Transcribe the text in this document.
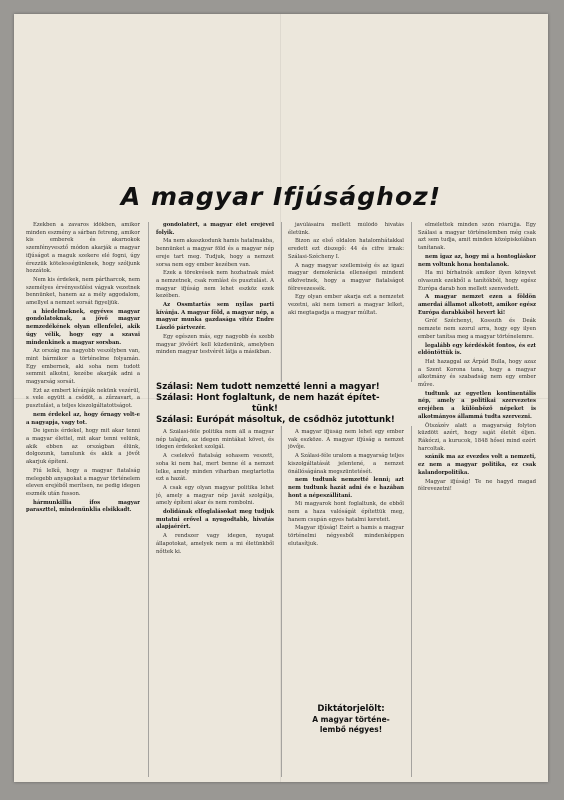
A magyar Ifjúsághoz!

Ezekben a zavaros időkben, amikor minden eszmény a sárban fetreng, amikor kis emberek és akarnokok szemfényvesztő módon akarják a magyar ifjúságot a maguk szekere elé fogni, úgy érezzük kötelességünknek, hogy szóljunk hozzátok.

Nem kis érdekek, nem pártharcok, nem személyes érvényesülési vágyak vezetnek bennünket, hanem az a mély aggodalom, amellyel a nemzet sorsát figyeljük.

a hiedelmeknek, egyéves magyar gondolatoknak, a jövő magyar nemzedékének olyan ellenfelei, akik úgy vélik, hogy egy a szavai mindenkinek a magyar sorsban.

Az ország ma nagyobb veszélyben van, mint bármikor a történelme folyamán. Egy embernek, aki soha nem tudott semmit alkotni, kezébe akarják adni a magyarság sorsát.

Ezt az embert kívánják nekünk vezérül, s vele együtt a csődöt, a zűrzavart, a pusztulást, a teljes kiszolgáltatottságot.

nem érdekel az, hogy őrnagy volt-e a nagyapja, vagy tot.

De igenis érdekel, hogy mit akar tenni a magyar élettel, mit akar tenni velünk, akik ebben az országban élünk, dolgozunk, tanulunk és akik a jövőt akarjuk építeni.

Fiú lelkű, hogy a magyar fiatalság melegebb anyagokat a magyar történelem eleven erejéből merítsen, ne pedig idegen eszmék után fusson.

hármunkillia ifos magyar paraszttel, mindenünklia elsikkadt.

gondolatért, a magyar élet erejével folyik.

Ma nem akaszkodunk hamis hatalmakba, bennünket a magyar föld és a magyar nép ereje tart meg. Tudjuk, hogy a nemzet sorsa nem egy ember kezében van.

Ezek a törekvések nem hozhatnak mást a nemzetnek, csak romlást és pusztulást. A magyar ifjúság nem lehet eszköz ezek kezében.

Az Ossmtartás sem nyilas parti kívánja. A magyar föld, a magyar nép, a magyar munka gazdasága vitéz Endre László pártvezér.

Egy egészen más, egy nagyobb és szebb magyar jövőért kell küzdenünk, amelyben minden magyar testvérét látja a másikban.

javúlásaira mellett múlódó hívatás életünk.

Bizon az első oldalon hatalomhátakkal eredett ezt diszegő: 44 és cifre irnak: Szálasi-Szécheny I.

A nagy magyar szellemiség és az igazi magyar demokrácia ellenségei mindent elkövetnek, hogy a magyar fiatalságot félrevezessék.

Egy olyan ember akarja ezt a nemzetet vezetni, aki nem ismeri a magyar lelket, aki megtagadja a magyar múltat.

Szálasi: Nem tudott nemzetté lenni a magyar!
Szálasi: Hont foglaltunk, de nem hazát építet-
tünk!
Szálasi: Európát másoltuk, de csődhöz jutottunk!

A Szálasi-féle politika nem áll a magyar nép talaján, az idegen mintákat követ, és idegen érdekeket szolgál.

A cselekvő fiatalság sohasem veszett, soha ki nem hal, mert benne él a nemzet lelke, amely minden viharban megtartotta ezt a hazát.

A csak egy olyan magyar politika lehet jó, amely a magyar nép javát szolgálja, amely építeni akar és nem rombolni.

dolidának elfoglalásokat meg tudjuk mutatni erővel a nyugodtabb, hivatás alapjaérért.

A rendszer vagy idegen, nyugat állapotokat, amelyek nem a mi életünkből nőttek ki.

A magyar ifjúság nem lehet egy ember vak eszköze. A magyar ifjúság a nemzet jövője.

A Szálasi-féle uralom a magyarság teljes kiszolgáltatását jelentené, a nemzet önállóságának megszüntetését.

nem tudtunk nemzetté lenni; azt nem tudtunk hazát adni és e hazában hont a népeszállítani.

Mi magyarok hont foglaltunk, de ebből nem a haza valóságát építettük meg, hanem csupán egyes hatalmi kereteit.

Magyar ifjúság! Ezért a hamis a magyar történelmi négyesből mindenképpen elutasítjuk.

Diktátorjelölt:
A magyar történe-
lembő négyes!

elmélettek minden szón rőarújja. Egy Szálasi a magyar történelemben még csak azt sem tudja, amit minden középiskolában tanítanak.

nem igaz az, hogy mi a hontogláskor nem voltunk hona hontalanok.

Ha mi bírhatnók amikor ilyen könyvet olvasunk ezekből a tanítókból, hogy egész Európa darab hon mellett szenvedett.

A magyar nemzet ezen a földön amerdai államot alkotott, amikor egész Európa darabkából hevert ki!

Gróf Széchenyi, Kossuth és Deák nemzete nem szorul arra, hogy egy ilyen ember tanítsa meg a magyar történelemre.

legalább egy kérdésköt fontos, és ezt eldöntöttük is.

Hat hazaggal az Árpád Bulla, hogy azaz a Szent Korona tana, hogy a magyar alkotmány és szabadság nem egy ember műve.

tudtunk az egyetlen kontinentális nép, amely a politikai szervezetes erejében a különböző népeket is alkotmányos állammá tudta szervezni.

Ötszázév alatt a magyarság folyton küzdött azért, hogy saját életét éljen. Rákóczi, a kurucok, 1848 hősei mind ezért harcoltak.

szánik ma az evezdes volt a nemzeti, ez nem a magyar politika, ez csak kalandorpolitika.

Magyar ifjúság! Te ne hagyd magad félrevezetni!
